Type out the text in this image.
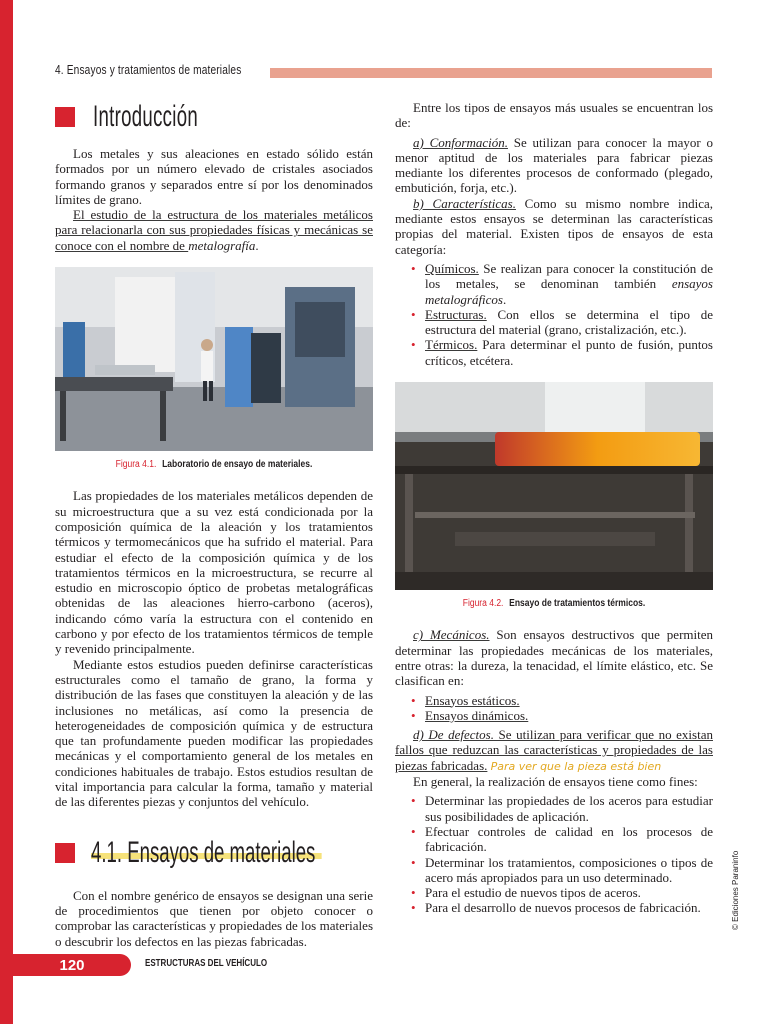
4. Ensayos y tratamientos de materiales
Introducción

Los metales y sus aleaciones en estado sólido están formados por un número elevado de cristales asociados formando granos y separados entre sí por los denominados límites de grano.

El estudio de la estructura de los materiales metálicos para relacionarla con sus propiedades físicas y mecánicas se conoce con el nombre de metalografía.

Figura 4.1. Laboratorio de ensayo de materiales.

Las propiedades de los materiales metálicos dependen de su microestructura que a su vez está condicionada por la composición química de la aleación y los tratamientos térmicos y termomecánicos que ha sufrido el material. Para estudiar el efecto de la composición química y de los tratamientos térmicos en la microestructura, se recurre al estudio en microscopio óptico de probetas metalográficas obtenidas de las aleaciones hierro-carbono (aceros), indicando cómo varía la estructura con el contenido en carbono y por efecto de los tratamientos térmicos de temple y revenido principalmente.

Mediante estos estudios pueden definirse características estructurales como el tamaño de grano, la forma y distribución de las fases que constituyen la aleación y de las inclusiones no metálicas, así como la presencia de heterogeneidades de composición química y de estructura que tan profundamente pueden modificar las propiedades mecánicas y el comportamiento general de los metales en condiciones habituales de trabajo. Estos estudios resultan de vital importancia para calcular la forma, tamaño y material de las diferentes piezas y conjuntos del vehículo.

4.1. Ensayos de materiales

Con el nombre genérico de ensayos se designan una serie de procedimientos que tienen por objeto conocer o comprobar las características y propiedades de los materiales o descubrir los defectos en las piezas fabricadas.

Entre los tipos de ensayos más usuales se encuentran los de:

a) Conformación. Se utilizan para conocer la mayor o menor aptitud de los materiales para fabricar piezas mediante los diferentes procesos de conformado (plegado, embutición, forja, etc.).

b) Características. Como su mismo nombre indica, mediante estos ensayos se determinan las características propias del material. Existen tipos de ensayos de esta categoría:

• Químicos. Se realizan para conocer la constitución de los metales, se denominan también ensayos metalográficos.
• Estructuras. Con ellos se determina el tipo de estructura del material (grano, cristalización, etc.).
• Térmicos. Para determinar el punto de fusión, puntos críticos, etcétera.
Figura 4.2. Ensayo de tratamientos térmicos.

c) Mecánicos. Son ensayos destructivos que permiten determinar las propiedades mecánicas de los materiales, entre otras: la dureza, la tenacidad, el límite elástico, etc. Se clasifican en:

• Ensayos estáticos.
• Ensayos dinámicos.

d) De defectos. Se utilizan para verificar que no existan fallos que reduzcan las características y propiedades de las piezas fabricadas. Para ver que la pieza está bien

En general, la realización de ensayos tiene como fines:

• Determinar las propiedades de los aceros para estudiar sus posibilidades de aplicación.
• Efectuar controles de calidad en los procesos de fabricación.
• Determinar los tratamientos, composiciones o tipos de acero más apropiados para un uso determinado.
• Para el estudio de nuevos tipos de aceros.
• Para el desarrollo de nuevos procesos de fabricación.
120	ESTRUCTURAS DEL VEHÍCULO
© Ediciones Paraninfo
